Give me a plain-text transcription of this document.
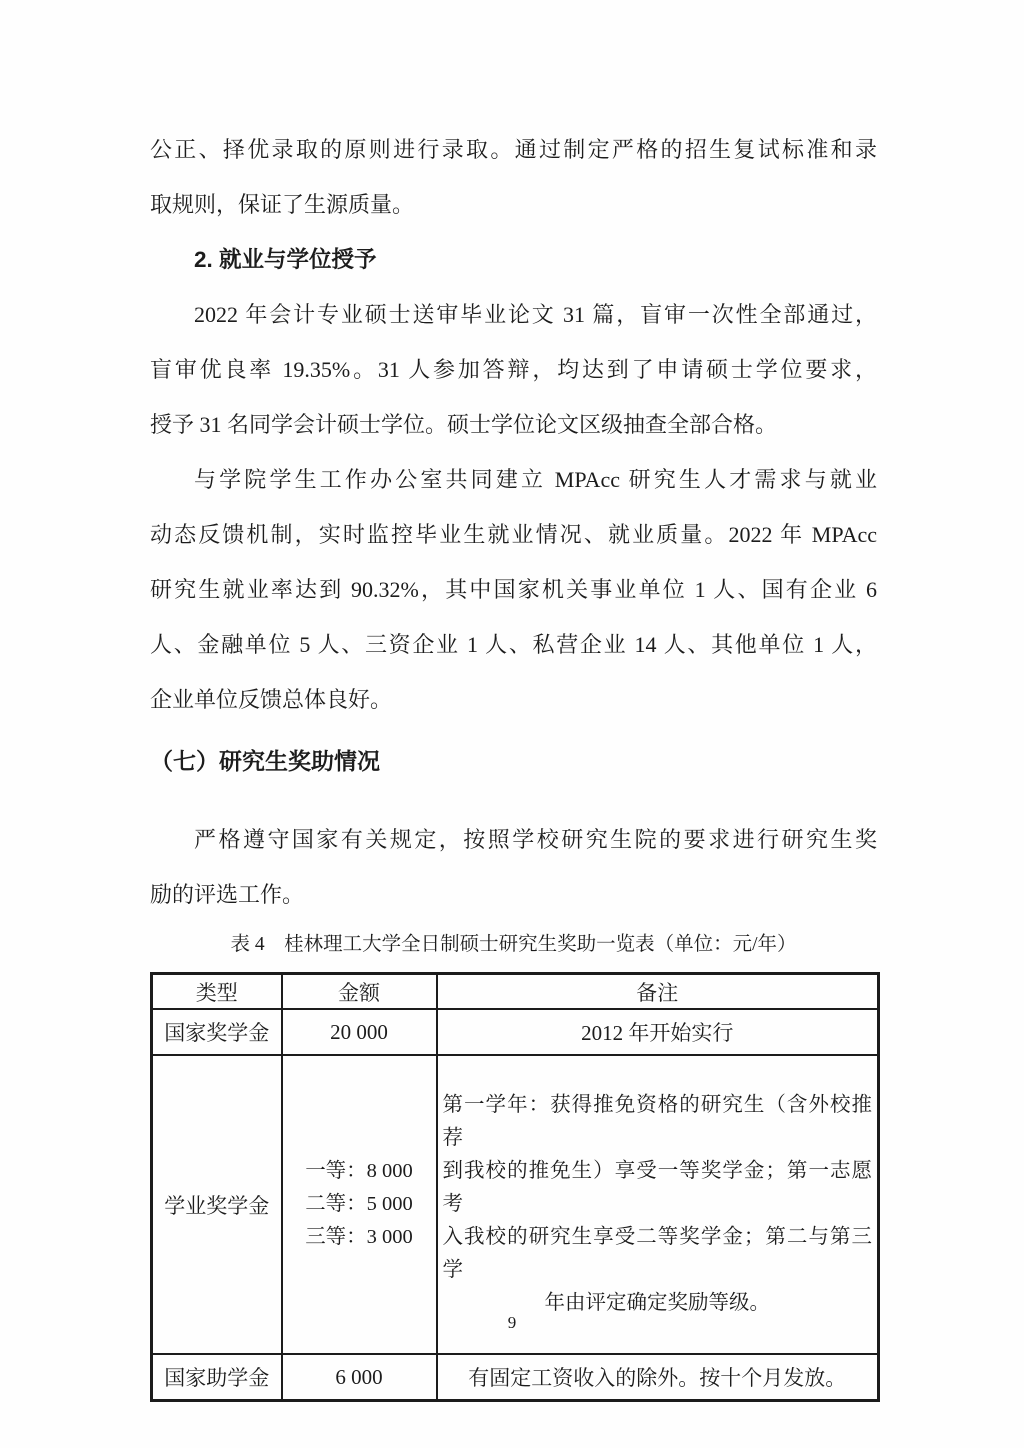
公正、择优录取的原则进行录取。通过制定严格的招生复试标准和录
取规则，保证了生源质量。

2. 就业与学位授予

2022 年会计专业硕士送审毕业论文 31 篇，盲审一次性全部通过，
盲审优良率 19.35%。31 人参加答辩，均达到了申请硕士学位要求，
授予 31 名同学会计硕士学位。硕士学位论文区级抽查全部合格。

与学院学生工作办公室共同建立 MPAcc 研究生人才需求与就业
动态反馈机制，实时监控毕业生就业情况、就业质量。2022 年 MPAcc
研究生就业率达到 90.32%，其中国家机关事业单位 1 人、国有企业 6
人、金融单位 5 人、三资企业 1 人、私营企业 14 人、其他单位 1 人，
企业单位反馈总体良好。

（七）研究生奖助情况

严格遵守国家有关规定，按照学校研究生院的要求进行研究生奖
励的评选工作。

表 4　桂林理工大学全日制硕士研究生奖助一览表（单位：元/年）
类型	金额	备注
国家奖学金	20 000	2012 年开始实行
学业奖学金	一等：8 000
二等：5 000
三等：3 000	第一学年：获得推免资格的研究生（含外校推荐
到我校的推免生）享受一等奖学金；第一志愿考
入我校的研究生享受二等奖学金；第二与第三学
年由评定确定奖励等级。

国家助学金	6 000	有固定工资收入的除外。按十个月发放。
9
